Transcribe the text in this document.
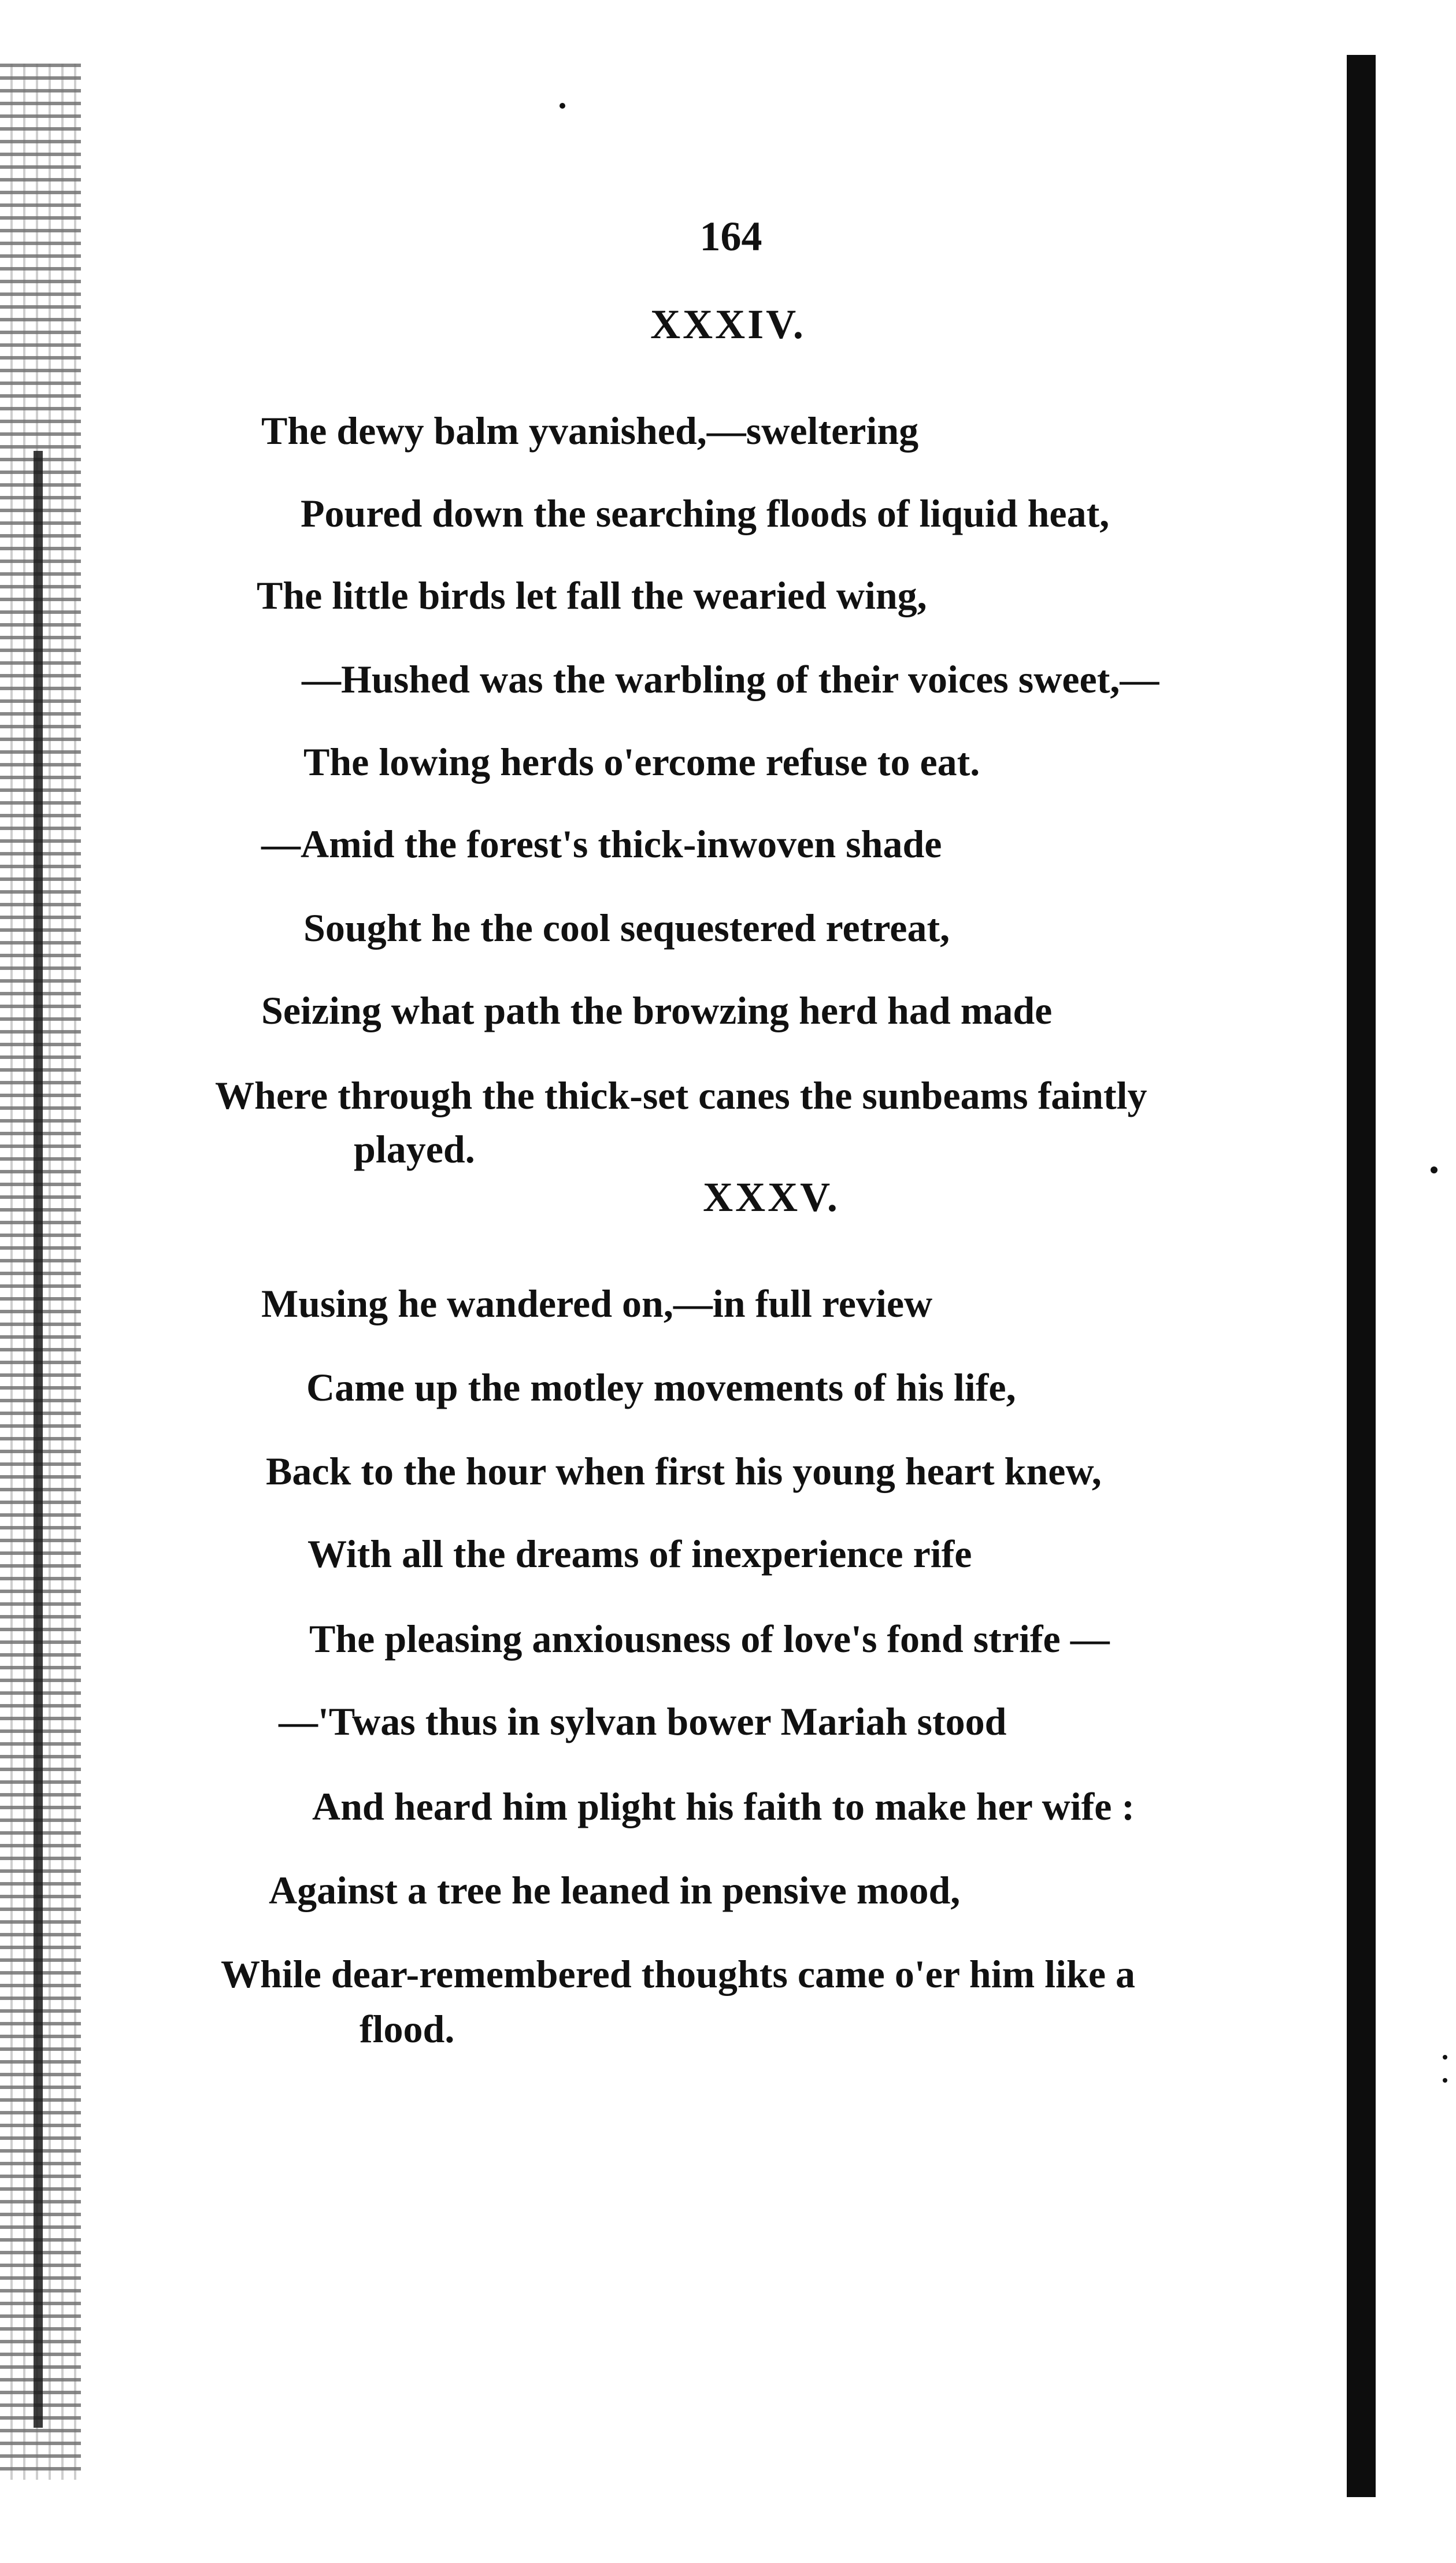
164
XXXIV.
The dewy balm yvanished,—sweltering
Poured down the searching floods of liquid heat,
The little birds let fall the wearied wing,
—Hushed was the warbling of their voices sweet,—
The lowing herds o'ercome refuse to eat.
—Amid the forest's thick-inwoven shade
Sought he the cool sequestered retreat,
Seizing what path the browzing herd had made
Where through the thick-set canes the sunbeams faintly
played.
XXXV.
Musing he wandered on,—in full review
Came up the motley movements of his life,
Back to the hour when first his young heart knew,
With all the dreams of inexperience rife
The pleasing anxiousness of love's fond strife —
—'Twas thus in sylvan bower Mariah stood
And heard him plight his faith to make her wife :
Against a tree he leaned in pensive mood,
While dear-remembered thoughts came o'er him like a
flood.
